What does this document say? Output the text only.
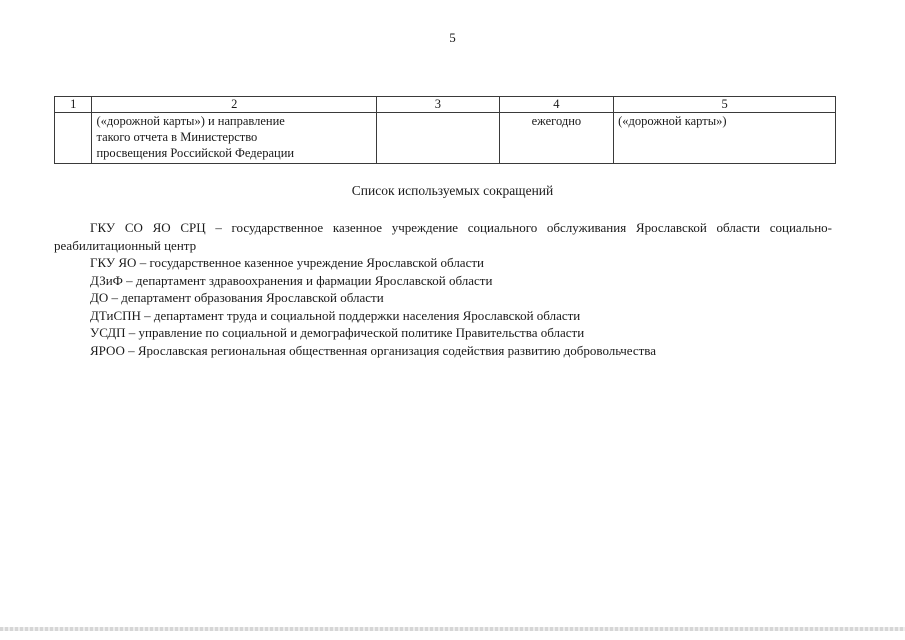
5
1	2	3	4	5

	(«дорожной карты») и направление
такого отчета в Министерство
просвещения Российской Федерации		ежегодно	(«дорожной карты»)
Список используемых сокращений
ГКУ СО ЯО СРЦ – государственное казенное учреждение социального обслуживания Ярославской области социально-реабилитационный центр
ГКУ ЯО – государственное казенное учреждение Ярославской области
ДЗиФ – департамент здравоохранения и фармации Ярославской области
ДО – департамент образования Ярославской области
ДТиСПН – департамент труда и социальной поддержки населения Ярославской области
УСДП – управление по социальной и демографической политике Правительства области
ЯРОО – Ярославская региональная общественная организация содействия развитию добровольчества
